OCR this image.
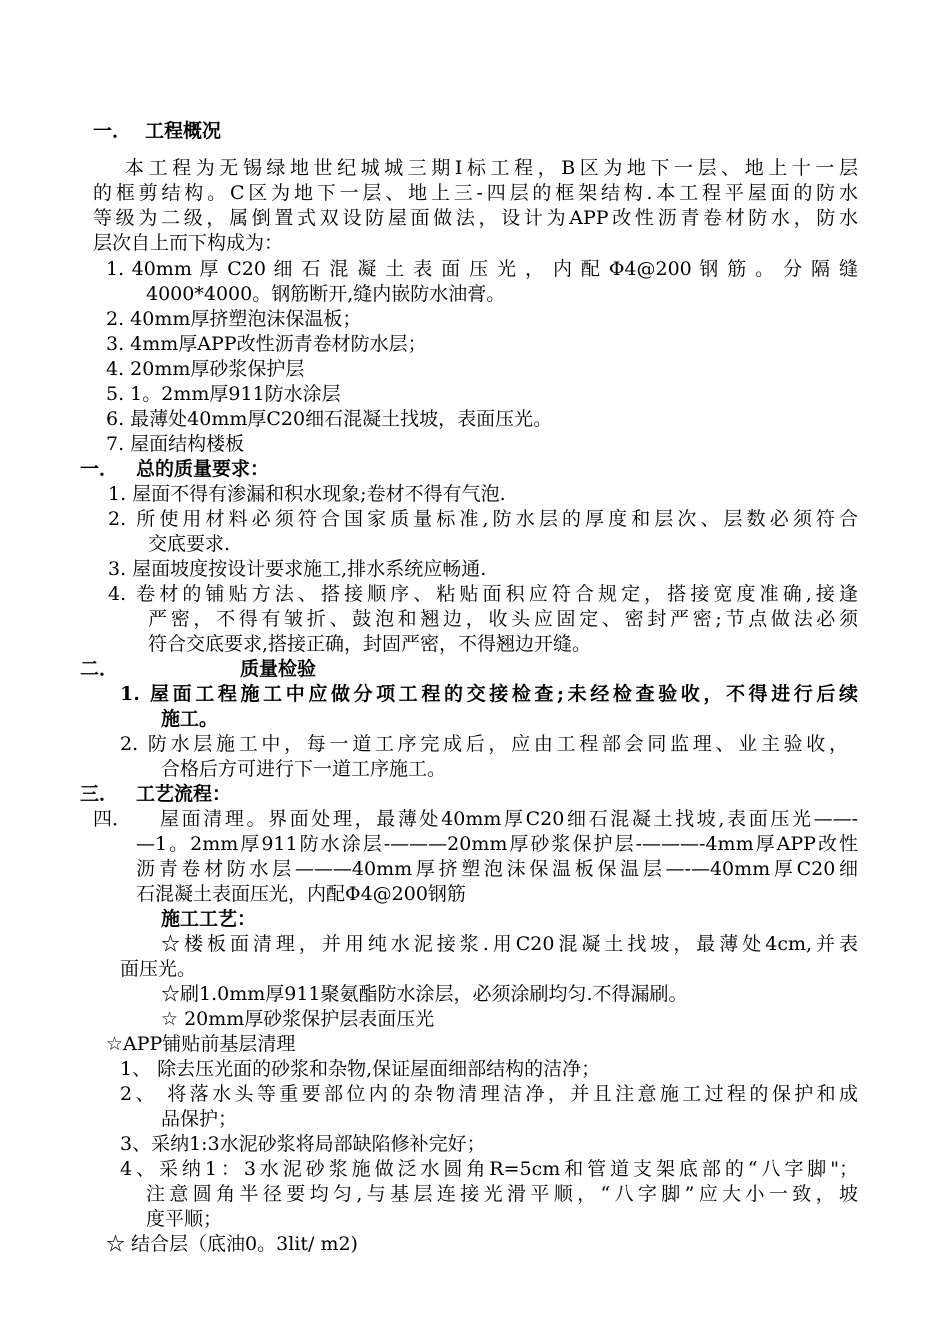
一． 工程概况
本工程为无锡绿地世纪城城三期Ⅰ标工程，B区为地下一层、地上十一层
的框剪结构。C区为地下一层、地上三-四层的框架结构.本工程平屋面的防水
等级为二级，属倒置式双设防屋面做法，设计为APP改性沥青卷材防水，防水
层次自上而下构成为：
1. 40mm 厚 C20 细 石 混 凝 土 表 面 压 光 ， 内 配 Φ4@200 钢 筋 。 分 隔 缝
4000*4000。钢筋断开,缝内嵌防水油膏。
2. 40mm厚挤塑泡沫保温板；
3. 4mm厚APP改性沥青卷材防水层；
4. 20mm厚砂浆保护层
5. 1。2mm厚911防水涂层
6. 最薄处40mm厚C20细石混凝土找坡，表面压光。
7. 屋面结构楼板
一． 总的质量要求：
1. 屋面不得有渗漏和积水现象;卷材不得有气泡.
2. 所使用材料必须符合国家质量标准,防水层的厚度和层次、层数必须符合
交底要求.
3. 屋面坡度按设计要求施工,排水系统应畅通.
4. 卷材的铺贴方法、搭接顺序、粘贴面积应符合规定，搭接宽度准确,接逢
严密，不得有皱折、鼓泡和翘边，收头应固定、密封严密;节点做法必须
符合交底要求,搭接正确，封固严密，不得翘边开缝。
二．	质量检验
1. 屋面工程施工中应做分项工程的交接检查;未经检查验收，不得进行后续
施工。
2. 防水层施工中，每一道工序完成后，应由工程部会同监理、业主验收，
合格后方可进行下一道工序施工。
三． 工艺流程：
四． 屋面清理。界面处理，最薄处40mm厚C20细石混凝土找坡,表面压光——-
—1。2mm厚911防水涂层-———20mm厚砂浆保护层-———-4mm厚APP改性
沥青卷材防水层———40mm厚挤塑泡沫保温板保温层—-—40mm厚C20细
石混凝土表面压光，内配Φ4@200钢筋
施工工艺：
☆楼板面清理，并用纯水泥接浆.用C20混凝土找坡，最薄处4cm,并表
面压光。
☆刷1.0mm厚911聚氨酯防水涂层，必须涂刷均匀.不得漏刷。
☆ 20mm厚砂浆保护层表面压光
☆APP铺贴前基层清理
1、 除去压光面的砂浆和杂物,保证屋面细部结构的洁净；
2、 将落水头等重要部位内的杂物清理洁净，并且注意施工过程的保护和成
品保护；
3、采纳1:3水泥砂浆将局部缺陷修补完好；
4、采纳1：3水泥砂浆施做泛水圆角R=5cm和管道支架底部的“八字脚"；
注意圆角半径要均匀,与基层连接光滑平顺，“八字脚”应大小一致，坡
度平顺；
☆ 结合层（底油0。3lit/ m2)
